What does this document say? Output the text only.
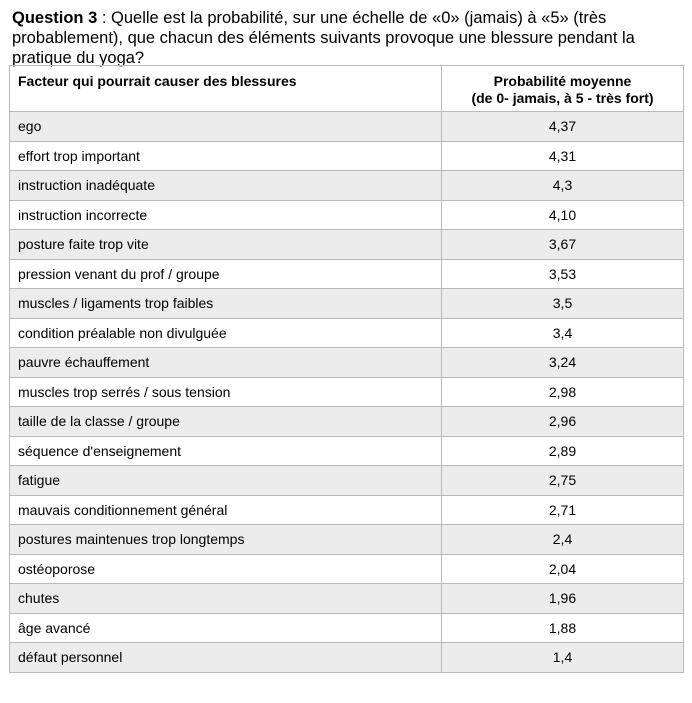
Question 3 : Quelle est la probabilité, sur une échelle de «0» (jamais) à «5» (très probablement), que chacun des éléments suivants provoque une blessure pendant la pratique du yoga?

Facteur qui pourrait causer des blessures	Probabilité moyenne
(de 0- jamais, à 5 - très fort)
ego	4,37
effort trop important	4,31
instruction inadéquate	4,3
instruction incorrecte	4,10
posture faite trop vite	3,67
pression venant du prof / groupe	3,53
muscles / ligaments trop faibles	3,5
condition préalable non divulguée	3,4
pauvre échauffement	3,24
muscles trop serrés / sous tension	2,98
taille de la classe / groupe	2,96
séquence d'enseignement	2,89
fatigue	2,75
mauvais conditionnement général	2,71
postures maintenues trop longtemps	2,4
ostéoporose	2,04
chutes	1,96
âge avancé	1,88
défaut personnel	1,4
